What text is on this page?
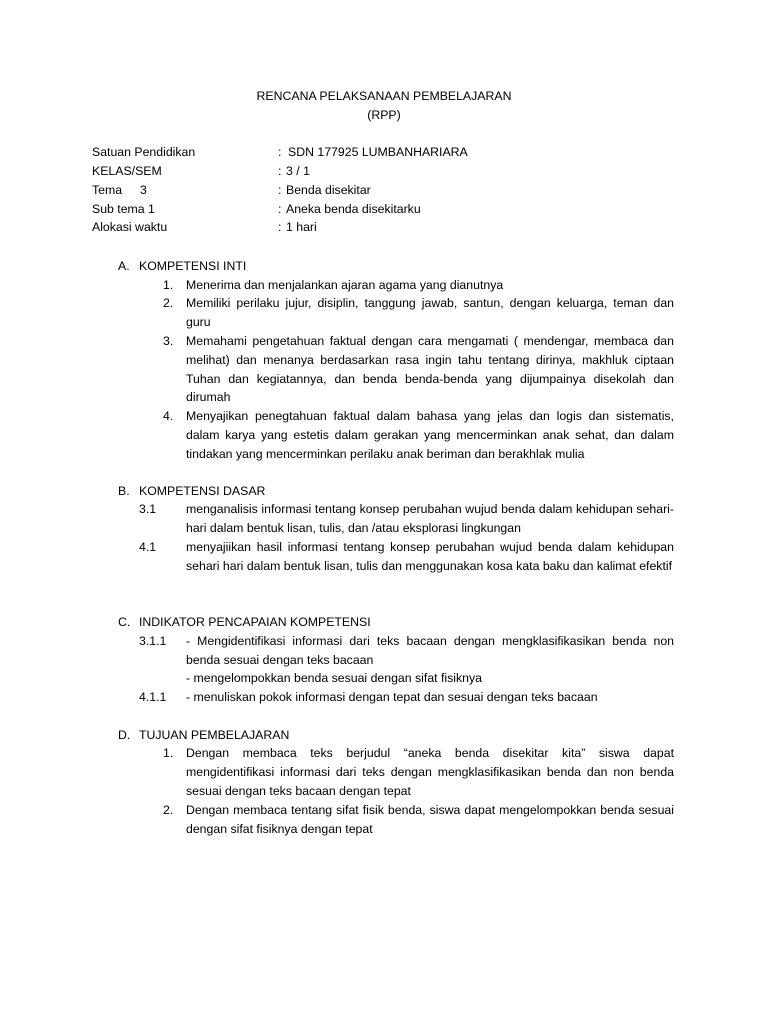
RENCANA PELAKSANAAN PEMBELAJARAN
(RPP)
Satuan Pendidikan	: SDN 177925 LUMBANHARIARA
KELAS/SEM	: 3 / 1
Tema 3	: Benda disekitar
Sub tema 1	: Aneka benda disekitarku
Alokasi waktu	: 1 hari
A. KOMPETENSI INTI
1. Menerima dan menjalankan ajaran agama yang dianutnya
2. Memiliki perilaku jujur, disiplin, tanggung jawab, santun, dengan keluarga, teman dan guru
3. Memahami pengetahuan faktual dengan cara mengamati ( mendengar, membaca dan melihat) dan menanya berdasarkan rasa ingin tahu tentang dirinya, makhluk ciptaan Tuhan dan kegiatannya, dan benda benda-benda yang dijumpainya disekolah dan dirumah
4. Menyajikan penegtahuan faktual dalam bahasa yang jelas dan logis dan sistematis, dalam karya yang estetis dalam gerakan yang mencerminkan anak sehat, dan dalam tindakan yang mencerminkan perilaku anak beriman dan berakhlak mulia
B. KOMPETENSI DASAR
3.1 menganalisis informasi tentang konsep perubahan wujud benda dalam kehidupan sehari-hari dalam bentuk lisan, tulis, dan /atau eksplorasi lingkungan
4.1 menyajiikan hasil informasi tentang konsep perubahan wujud benda dalam kehidupan sehari hari dalam bentuk lisan, tulis dan menggunakan kosa kata baku dan kalimat efektif
C. INDIKATOR PENCAPAIAN KOMPETENSI
3.1.1 - Mengidentifikasi informasi dari teks bacaan dengan mengklasifikasikan benda non benda sesuai dengan teks bacaan
- mengelompokkan benda sesuai dengan sifat fisiknya
4.1.1 - menuliskan pokok informasi dengan tepat dan sesuai dengan teks bacaan
D. TUJUAN PEMBELAJARAN
1. Dengan membaca teks berjudul “aneka benda disekitar kita” siswa dapat mengidentifikasi informasi dari teks dengan mengklasifikasikan benda dan non benda sesuai dengan teks bacaan dengan tepat
2. Dengan membaca tentang sifat fisik benda, siswa dapat mengelompokkan benda sesuai dengan sifat fisiknya dengan tepat
